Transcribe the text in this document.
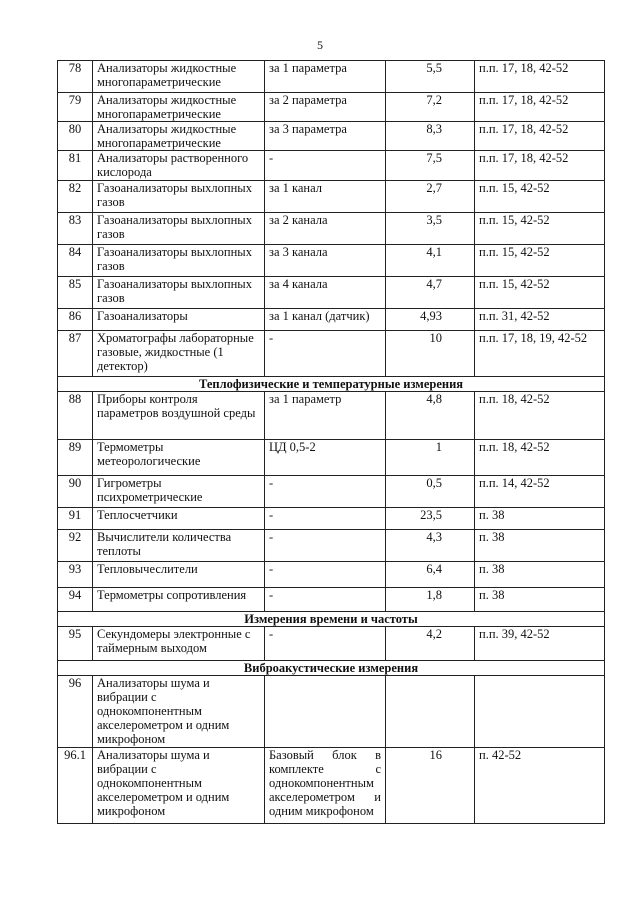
5
78	Анализаторы жидкостные многопараметрические	за 1 параметра	5,5	п.п. 17, 18, 42-52
79	Анализаторы жидкостные многопараметрические	за 2 параметра	7,2	п.п. 17, 18, 42-52
80	Анализаторы жидкостные многопараметрические	за 3 параметра	8,3	п.п. 17, 18, 42-52
81	Анализаторы растворенного кислорода	-	7,5	п.п. 17, 18, 42-52
82	Газоанализаторы выхлопных газов	за 1 канал	2,7	п.п. 15, 42-52
83	Газоанализаторы выхлопных газов	за 2 канала	3,5	п.п. 15, 42-52
84	Газоанализаторы выхлопных газов	за 3 канала	4,1	п.п. 15, 42-52
85	Газоанализаторы выхлопных газов	за 4 канала	4,7	п.п. 15, 42-52
86	Газоанализаторы	за 1 канал (датчик)	4,93	п.п. 31, 42-52
87	Хроматографы лабораторные газовые, жидкостные (1 детектор)	-	10	п.п. 17, 18, 19, 42-52
Теплофизические и температурные измерения				
88	Приборы контроля параметров воздушной среды	за 1 параметр	4,8	п.п. 18, 42-52
89	Термометры метеорологические	ЦД 0,5-2	1	п.п. 18, 42-52
90	Гигрометры психрометрические	-	0,5	п.п. 14, 42-52
91	Теплосчетчики	-	23,5	п. 38
92	Вычислители количества теплоты	-	4,3	п. 38
93	Тепловычеслители	-	6,4	п. 38
94	Термометры сопротивления	-	1,8	п. 38
Измерения времени и частоты				
95	Секундомеры электронные с таймерным выходом	-	4,2	п.п. 39, 42-52
Виброакустические измерения				
96	Анализаторы шума и вибрации с однокомпонентным акселерометром и одним микрофоном			
96.1	Анализаторы шума и вибрации с однокомпонентным акселерометром и одним микрофоном	Базовый блок в комплекте с однокомпонентным акселерометром и одним микрофоном	16	п. 42-52
